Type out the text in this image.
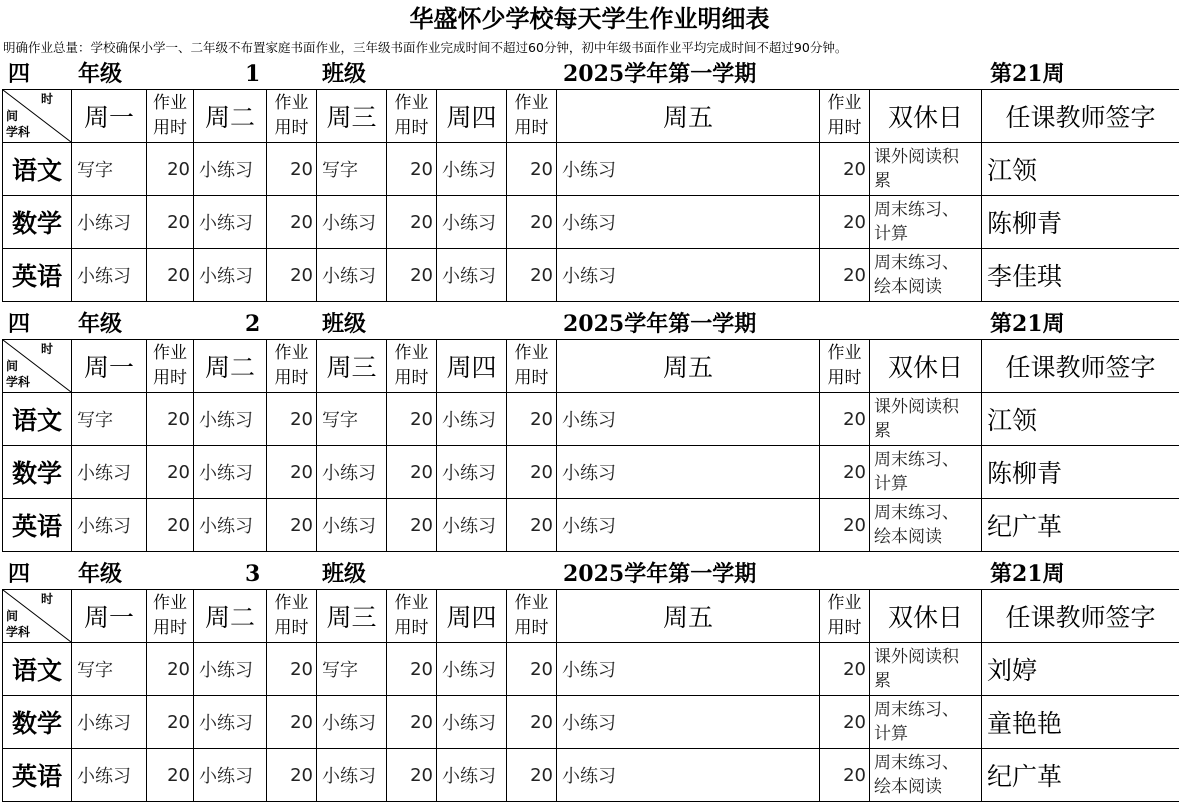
华盛怀少学校每天学生作业明细表
明确作业总量：学校确保小学一、二年级不布置家庭书面作业，三年级书面作业完成时间不超过60分钟，初中年级书面作业平均完成时间不超过90分钟。
四 年级	1	班级	2025学年第一学期	第21周
时
间
学科	周一	作业
用时	周二	作业
用时	周三	作业
用时	周四	作业
用时	周五	作业
用时	双休日	任课教师签字
语文	写字	20	小练习	20	写字	20	小练习	20	小练习	20	课外阅读积
累	江领
数学	小练习	20	小练习	20	小练习	20	小练习	20	小练习	20	周末练习、
计算	陈柳青
英语	小练习	20	小练习	20	小练习	20	小练习	20	小练习	20	周末练习、
绘本阅读	李佳琪
四 年级	2	班级	2025学年第一学期	第21周
时
间
学科	周一	作业
用时	周二	作业
用时	周三	作业
用时	周四	作业
用时	周五	作业
用时	双休日	任课教师签字
语文	写字	20	小练习	20	写字	20	小练习	20	小练习	20	课外阅读积
累	江领
数学	小练习	20	小练习	20	小练习	20	小练习	20	小练习	20	周末练习、
计算	陈柳青
英语	小练习	20	小练习	20	小练习	20	小练习	20	小练习	20	周末练习、
绘本阅读	纪广革
四 年级	3	班级	2025学年第一学期	第21周
时
间
学科	周一	作业
用时	周二	作业
用时	周三	作业
用时	周四	作业
用时	周五	作业
用时	双休日	任课教师签字
语文	写字	20	小练习	20	写字	20	小练习	20	小练习	20	课外阅读积
累	刘婷
数学	小练习	20	小练习	20	小练习	20	小练习	20	小练习	20	周末练习、
计算	童艳艳
英语	小练习	20	小练习	20	小练习	20	小练习	20	小练习	20	周末练习、
绘本阅读	纪广革
